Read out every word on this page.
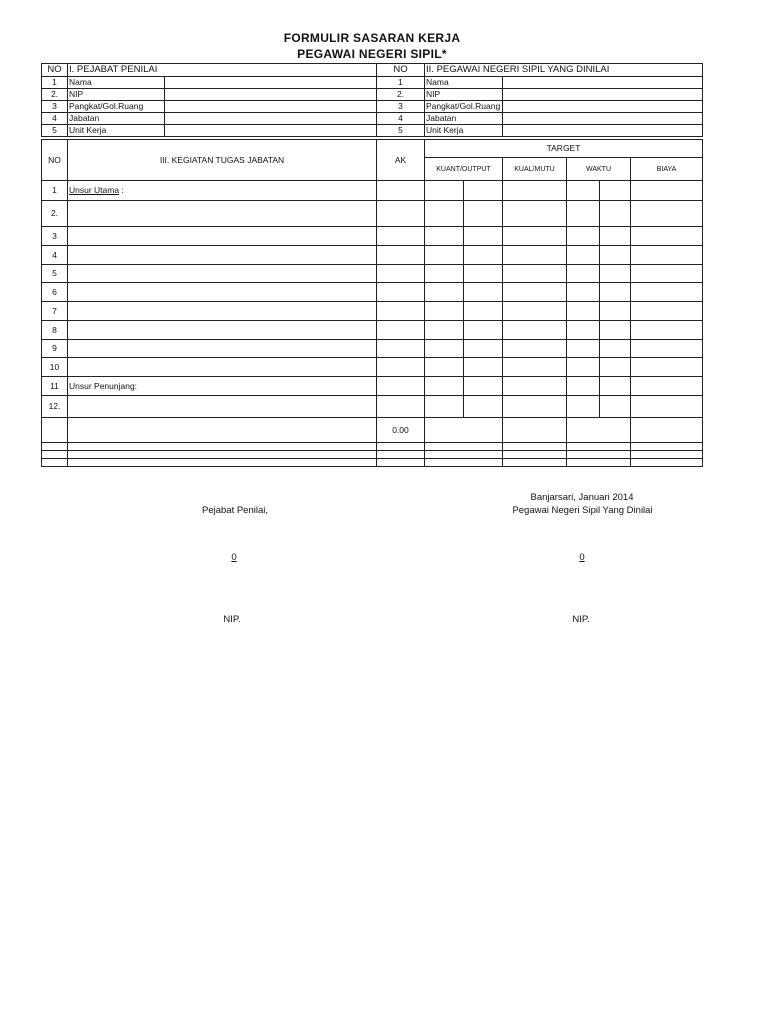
FORMULIR SASARAN KERJA
PEGAWAI NEGERI SIPIL*
NO	I. PEJABAT PENILAI		NO	II. PEGAWAI NEGERI SIPIL YANG DINILAI	
1	Nama		1	Nama	
2.	NIP		2.	NIP	
3	Pangkat/Gol.Ruang		3	Pangkat/Gol.Ruang	
4	Jabatan		4	Jabatan	
5	Unit Kerja		5	Unit Kerja	
NO	III. KEGIATAN TUGAS JABATAN	AK	TARGET					
			KUANT/OUTPUT		KUAL/MUTU	WAKTU		BIAYA
1	Unsur Utama :							
2.								
3								
4								
5								
6								
7								
8								
9								
10								
11	Unsur Penunjang:							
12.								
		0.00						

Banjarsari, Januari 2014
Pejabat Penilai,	Pegawai Negeri Sipil Yang Dinilai
0	0
NIP.	NIP.
